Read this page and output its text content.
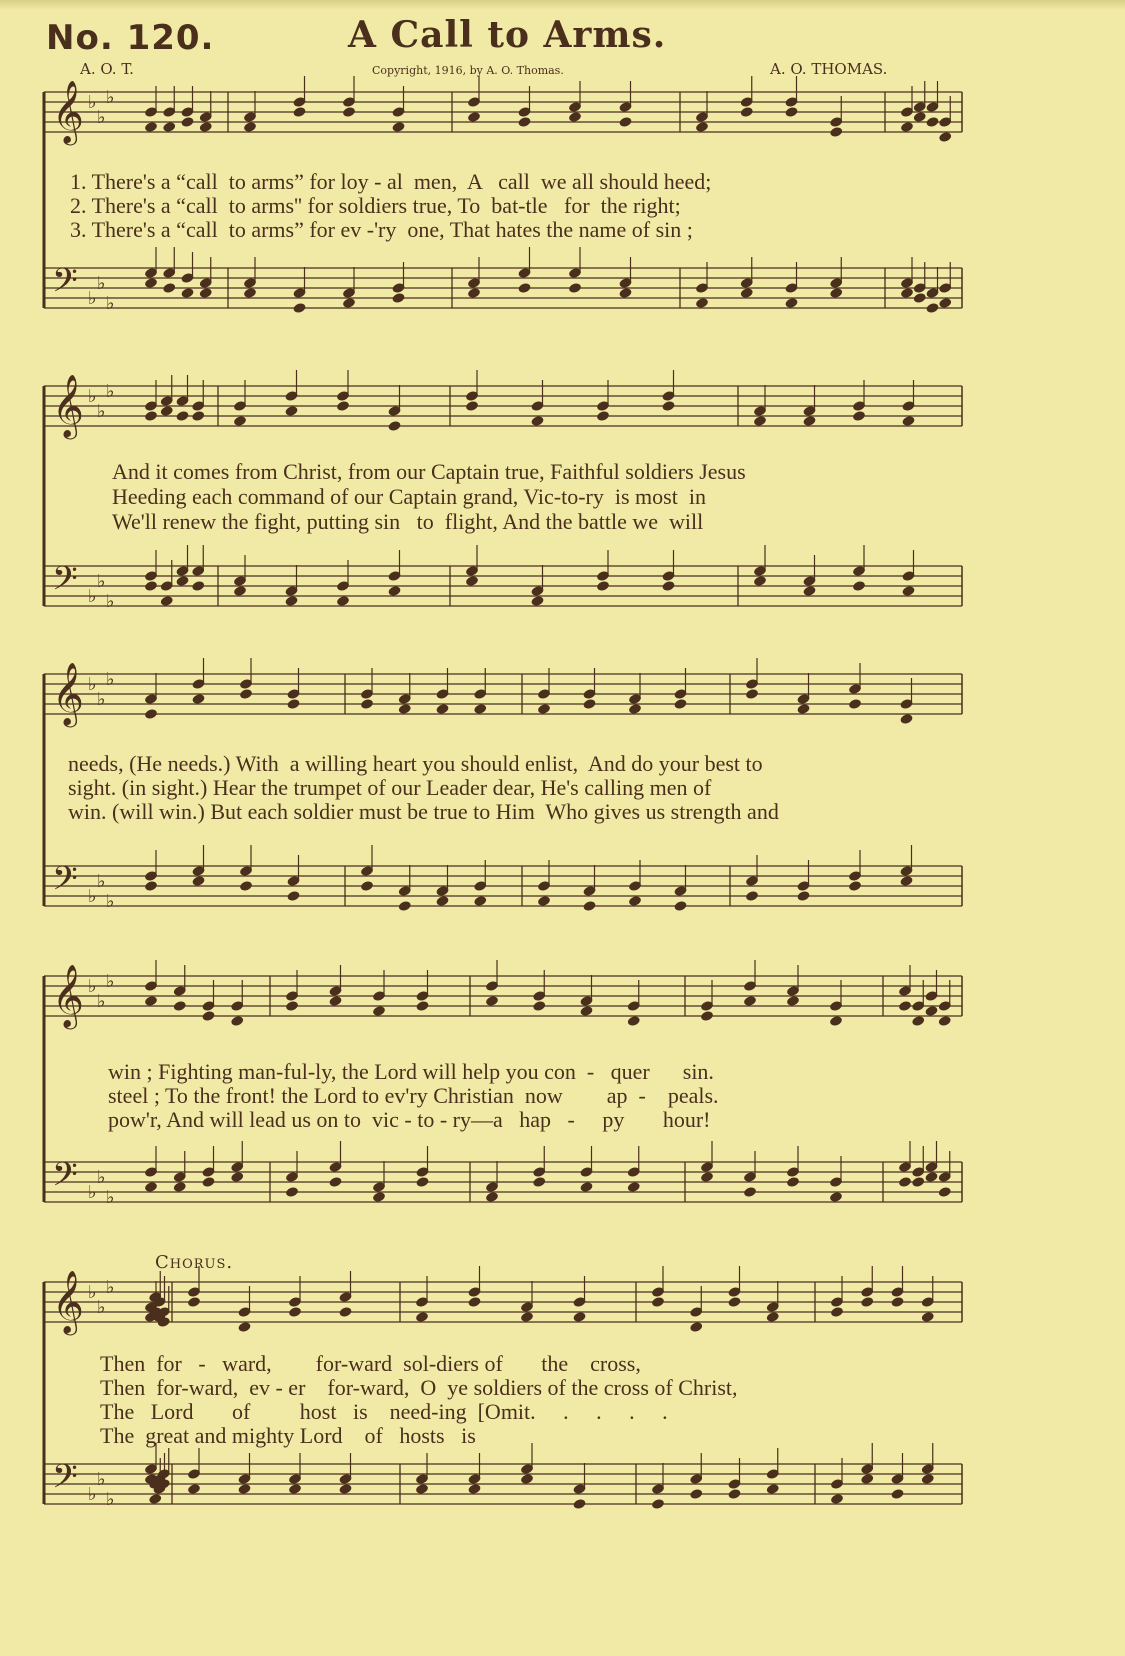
No. 120.	A Call to Arms.
A. O. T.	Copyright, 1916, by A. O. Thomas.	A. O. THOMAS.
𝄞 ♭
♭
♭
𝄢 ♭
♭
♭
1. There's a “call  to arms” for loy - al  men,  A   call  we all should heed;
2. There's a “call  to arms'' for soldiers true, To  bat-tle   for  the right;
3. There's a “call  to arms” for ev -'ry  one, That hates the name of sin ;
𝄞 ♭
♭
♭
𝄢 ♭
♭
♭
And it comes from Christ, from our Captain true, Faithful soldiers Jesus
Heeding each command of our Captain grand, Vic-to-ry  is most  in
We'll renew the fight, putting sin   to  flight, And the battle we  will
𝄞 ♭
♭
♭
𝄢 ♭
♭
♭
needs, (He needs.) With  a willing heart you should enlist,  And do your best to
sight. (in sight.) Hear the trumpet of our Leader dear, He's calling men of
win. (will win.) But each soldier must be true to Him  Who gives us strength and
𝄞 ♭
♭
♭
𝄢 ♭
♭
♭
win ; Fighting man-ful-ly, the Lord will help you con  -   quer      sin.
steel ; To the front! the Lord to ev'ry Christian  now        ap  -    peals.
pow'r, And will lead us on to  vic - to - ry—a   hap   -     py       hour!
Chorus.
𝄞 ♭
♭
♭
𝄢 ♭
♭
♭
Then  for   -   ward,        for-ward  sol-diers of       the    cross,
Then  for-ward,  ev - er    for-ward,  O  ye soldiers of the cross of Christ,
The   Lord       of         host   is    need-ing  [Omit.     .     .     .     .
The  great and mighty Lord    of   hosts   is
